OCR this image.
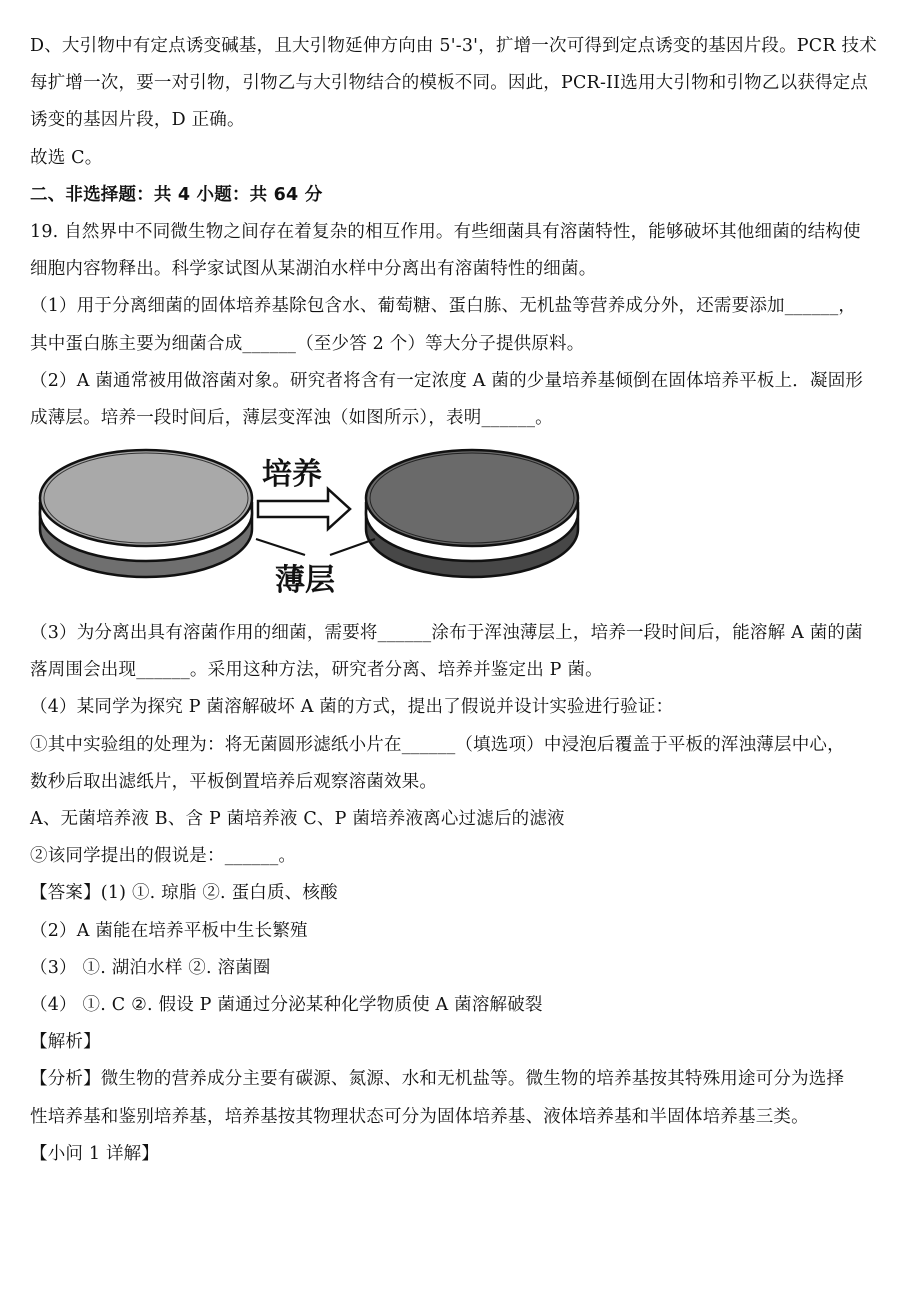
D、大引物中有定点诱变碱基，且大引物延伸方向由 5'-3'，扩增一次可得到定点诱变的基因片段。PCR 技术
每扩增一次，要一对引物，引物乙与大引物结合的模板不同。因此，PCR-II选用大引物和引物乙以获得定点
诱变的基因片段，D 正确。
故选 C。
二、非选择题：共 4 小题：共 64 分
19. 自然界中不同微生物之间存在着复杂的相互作用。有些细菌具有溶菌特性，能够破坏其他细菌的结构使
细胞内容物释出。科学家试图从某湖泊水样中分离出有溶菌特性的细菌。
（1）用于分离细菌的固体培养基除包含水、葡萄糖、蛋白胨、无机盐等营养成分外，还需要添加______，
其中蛋白胨主要为细菌合成______（至少答 2 个）等大分子提供原料。
（2）A 菌通常被用做溶菌对象。研究者将含有一定浓度 A 菌的少量培养基倾倒在固体培养平板上．凝固形
成薄层。培养一段时间后，薄层变浑浊（如图所示），表明______。
培养
薄层
（3）为分离出具有溶菌作用的细菌，需要将______涂布于浑浊薄层上，培养一段时间后，能溶解 A 菌的菌
落周围会出现______。采用这种方法，研究者分离、培养并鉴定出 P 菌。
（4）某同学为探究 P 菌溶解破坏 A 菌的方式，提出了假说并设计实验进行验证：
①其中实验组的处理为：将无菌圆形滤纸小片在______（填选项）中浸泡后覆盖于平板的浑浊薄层中心，
数秒后取出滤纸片，平板倒置培养后观察溶菌效果。
A、无菌培养液 B、含 P 菌培养液 C、P 菌培养液离心过滤后的滤液
②该同学提出的假说是：______。
【答案】(1) ①. 琼脂 ②. 蛋白质、核酸
（2）A 菌能在培养平板中生长繁殖
（3） ①. 湖泊水样 ②. 溶菌圈
（4） ①. C ②. 假设 P 菌通过分泌某种化学物质使 A 菌溶解破裂
【解析】
【分析】微生物的营养成分主要有碳源、氮源、水和无机盐等。微生物的培养基按其特殊用途可分为选择
性培养基和鉴别培养基，培养基按其物理状态可分为固体培养基、液体培养基和半固体培养基三类。
【小问 1 详解】
